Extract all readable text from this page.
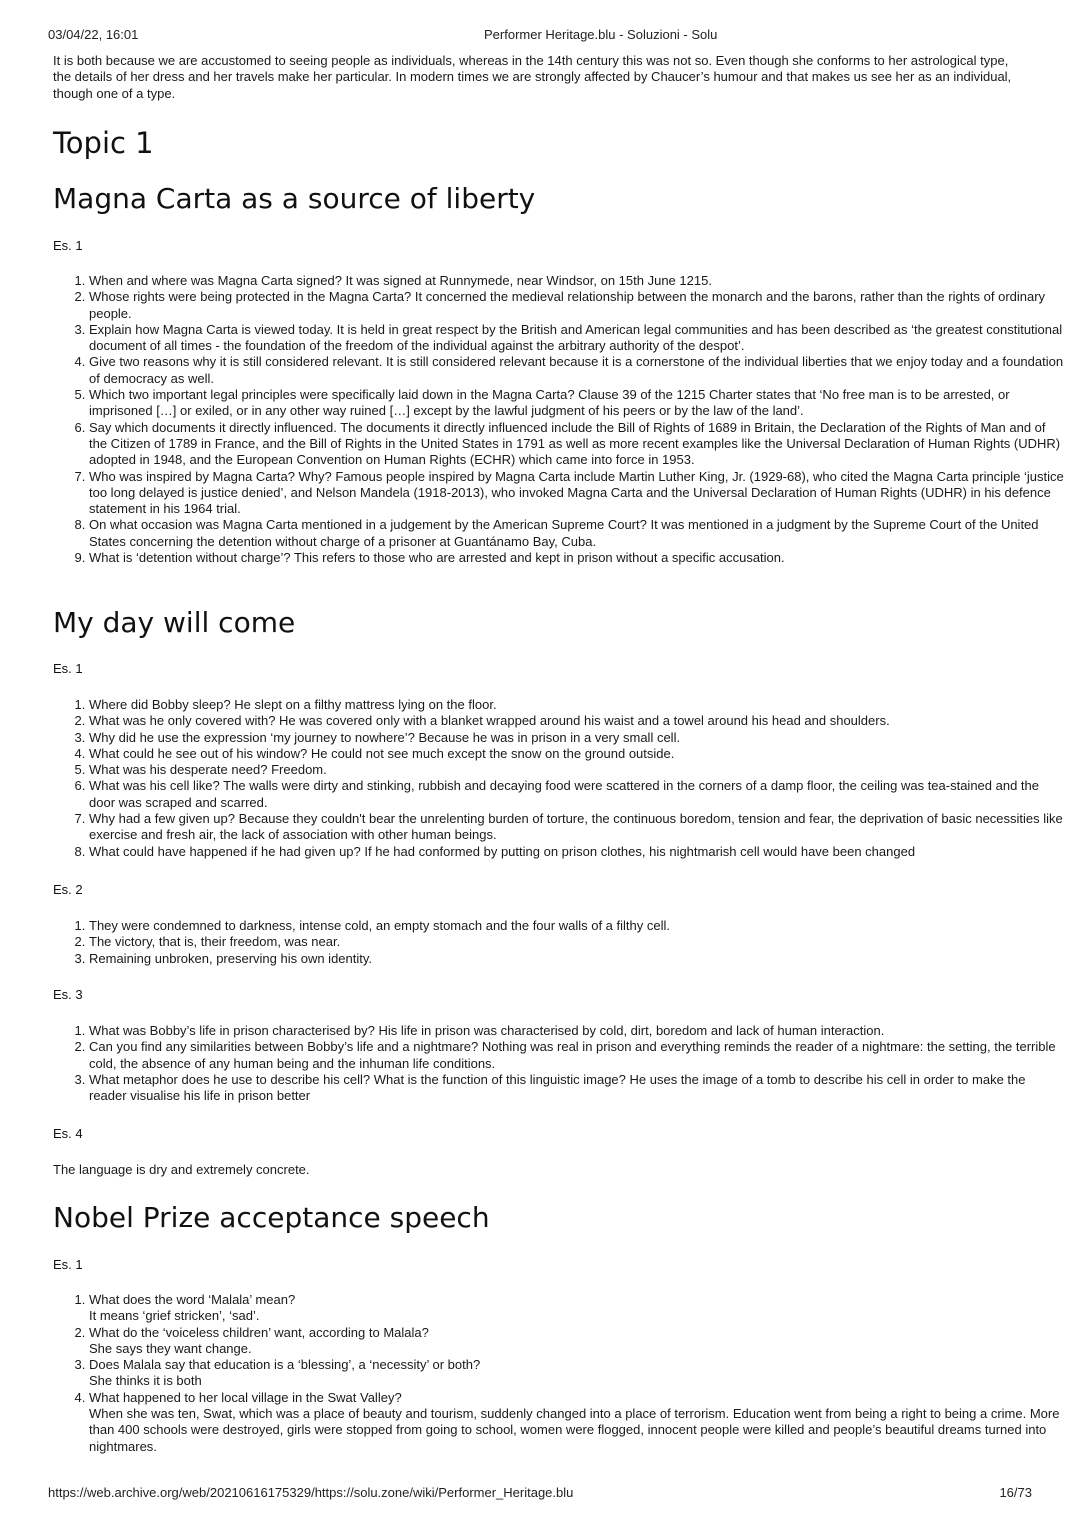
03/04/22, 16:01	Performer Heritage.blu - Soluzioni - Solu

It is both because we are accustomed to seeing people as individuals, whereas in the 14th century this was not so. Even though she conforms to her astrological type, the details of her dress and her travels make her particular. In modern times we are strongly affected by Chaucer’s humour and that makes us see her as an individual, though one of a type.

Topic 1
Magna Carta as a source of liberty
Es. 1
1. When and where was Magna Carta signed? It was signed at Runnymede, near Windsor, on 15th June 1215.
2. Whose rights were being protected in the Magna Carta? It concerned the medieval relationship between the monarch and the barons, rather than the rights of ordinary people.
3. Explain how Magna Carta is viewed today. It is held in great respect by the British and American legal communities and has been described as ‘the greatest constitutional document of all times - the foundation of the freedom of the individual against the arbitrary authority of the despot’.
4. Give two reasons why it is still considered relevant. It is still considered relevant because it is a cornerstone of the individual liberties that we enjoy today and a foundation of democracy as well.
5. Which two important legal principles were specifically laid down in the Magna Carta? Clause 39 of the 1215 Charter states that ‘No free man is to be arrested, or imprisoned […] or exiled, or in any other way ruined […] except by the lawful judgment of his peers or by the law of the land’.
6. Say which documents it directly influenced. The documents it directly influenced include the Bill of Rights of 1689 in Britain, the Declaration of the Rights of Man and of the Citizen of 1789 in France, and the Bill of Rights in the United States in 1791 as well as more recent examples like the Universal Declaration of Human Rights (UDHR) adopted in 1948, and the European Convention on Human Rights (ECHR) which came into force in 1953.
7. Who was inspired by Magna Carta? Why? Famous people inspired by Magna Carta include Martin Luther King, Jr. (1929-68), who cited the Magna Carta principle ‘justice too long delayed is justice denied’, and Nelson Mandela (1918-2013), who invoked Magna Carta and the Universal Declaration of Human Rights (UDHR) in his defence statement in his 1964 trial.
8. On what occasion was Magna Carta mentioned in a judgement by the American Supreme Court? It was mentioned in a judgment by the Supreme Court of the United States concerning the detention without charge of a prisoner at Guantánamo Bay, Cuba.
9. What is ‘detention without charge’? This refers to those who are arrested and kept in prison without a specific accusation.
My day will come
Es. 1
1. Where did Bobby sleep? He slept on a filthy mattress lying on the floor.
2. What was he only covered with? He was covered only with a blanket wrapped around his waist and a towel around his head and shoulders.
3. Why did he use the expression ‘my journey to nowhere’? Because he was in prison in a very small cell.
4. What could he see out of his window? He could not see much except the snow on the ground outside.
5. What was his desperate need? Freedom.
6. What was his cell like? The walls were dirty and stinking, rubbish and decaying food were scattered in the corners of a damp floor, the ceiling was tea-stained and the door was scraped and scarred.
7. Why had a few given up? Because they couldn't bear the unrelenting burden of torture, the continuous boredom, tension and fear, the deprivation of basic necessities like exercise and fresh air, the lack of association with other human beings.
8. What could have happened if he had given up? If he had conformed by putting on prison clothes, his nightmarish cell would have been changed
Es. 2
1. They were condemned to darkness, intense cold, an empty stomach and the four walls of a filthy cell.
2. The victory, that is, their freedom, was near.
3. Remaining unbroken, preserving his own identity.
Es. 3
1. What was Bobby’s life in prison characterised by? His life in prison was characterised by cold, dirt, boredom and lack of human interaction.
2. Can you find any similarities between Bobby’s life and a nightmare? Nothing was real in prison and everything reminds the reader of a nightmare: the setting, the terrible cold, the absence of any human being and the inhuman life conditions.
3. What metaphor does he use to describe his cell? What is the function of this linguistic image? He uses the image of a tomb to describe his cell in order to make the reader visualise his life in prison better
Es. 4

The language is dry and extremely concrete.

Nobel Prize acceptance speech
Es. 1
1. What does the word ‘Malala’ mean?
It means ‘grief stricken’, ‘sad’.
2. What do the ‘voiceless children’ want, according to Malala?
She says they want change.
3. Does Malala say that education is a ‘blessing’, a ‘necessity’ or both?
She thinks it is both
4. What happened to her local village in the Swat Valley?
When she was ten, Swat, which was a place of beauty and tourism, suddenly changed into a place of terrorism. Education went from being a right to being a crime. More than 400 schools were destroyed, girls were stopped from going to school, women were flogged, innocent people were killed and people’s beautiful dreams turned into nightmares.
https://web.archive.org/web/20210616175329/https://solu.zone/wiki/Performer_Heritage.blu	16/73
